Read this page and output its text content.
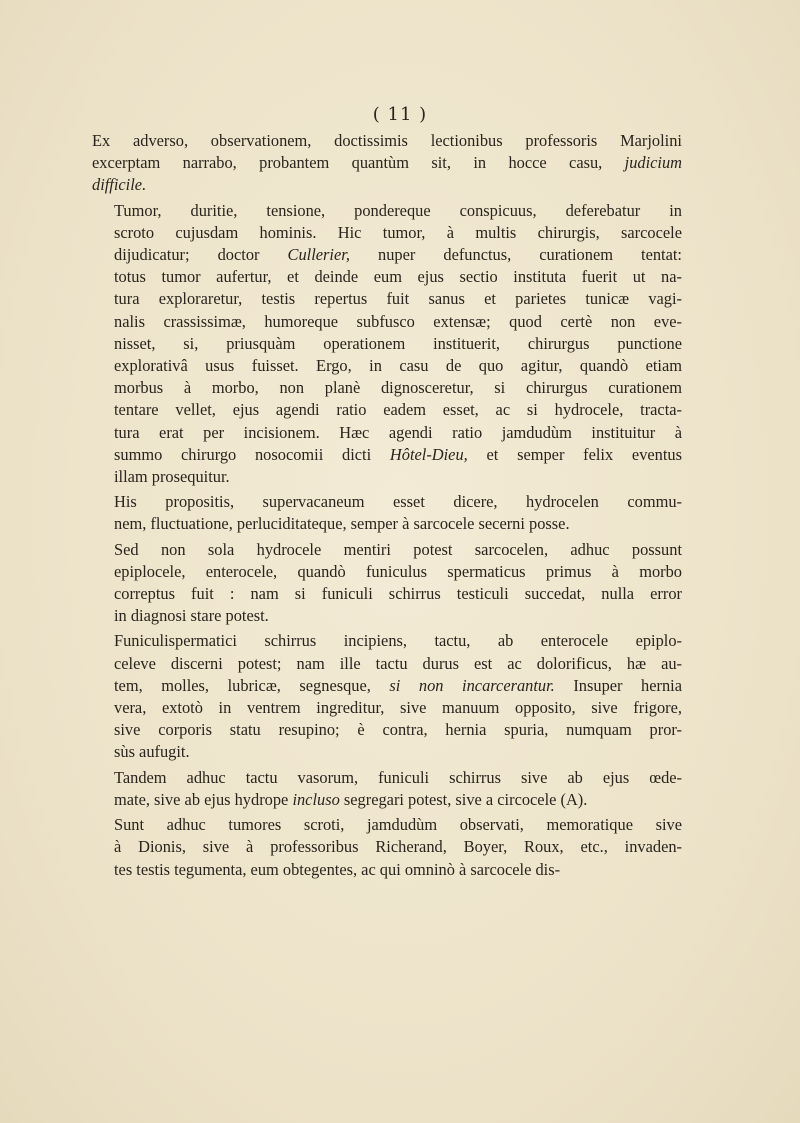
( 11 )
Ex adverso, observationem, doctissimis lectionibus professoris Marjolini
excerptam narrabo, probantem quantùm sit, in hocce casu, judicium
difficile.
Tumor, duritie, tensione, pondereque conspicuus, deferebatur in
scroto cujusdam hominis. Hic tumor, à multis chirurgis, sarcocele
dijudicatur; doctor Cullerier, nuper defunctus, curationem tentat:
totus tumor aufertur, et deinde eum ejus sectio instituta fuerit ut na-
tura exploraretur, testis repertus fuit sanus et parietes tunicæ vagi-
nalis crassissimæ, humoreque subfusco extensæ; quod certè non eve-
nisset, si, priusquàm operationem instituerit, chirurgus punctione
explorativâ usus fuisset. Ergo, in casu de quo agitur, quandò etiam
morbus à morbo, non planè dignosceretur, si chirurgus curationem
tentare vellet, ejus agendi ratio eadem esset, ac si hydrocele, tracta-
tura erat per incisionem. Hæc agendi ratio jamdudùm instituitur à
summo chirurgo nosocomii dicti Hôtel-Dieu, et semper felix eventus
illam prosequitur.
His propositis, supervacaneum esset dicere, hydrocelen commu-
nem, fluctuatione, perluciditateque, semper à sarcocele secerni posse.
Sed non sola hydrocele mentiri potest sarcocelen, adhuc possunt
epiplocele, enterocele, quandò funiculus spermaticus primus à morbo
correptus fuit : nam si funiculi schirrus testiculi succedat, nulla error
in diagnosi stare potest.
Funiculispermatici schirrus incipiens, tactu, ab enterocele epiplo-
celeve discerni potest; nam ille tactu durus est ac dolorificus, hæ au-
tem, molles, lubricæ, segnesque, si non incarcerantur. Insuper hernia
vera, extotò in ventrem ingreditur, sive manuum opposito, sive frigore,
sive corporis statu resupino; è contra, hernia spuria, numquam pror-
sùs aufugit.
Tandem adhuc tactu vasorum, funiculi schirrus sive ab ejus œde-
mate, sive ab ejus hydrope incluso segregari potest, sive a circocele (A).
Sunt adhuc tumores scroti, jamdudùm observati, memoratique sive
à Dionis, sive à professoribus Richerand, Boyer, Roux, etc., invaden-
tes testis tegumenta, eum obtegentes, ac qui omninò à sarcocele dis-
